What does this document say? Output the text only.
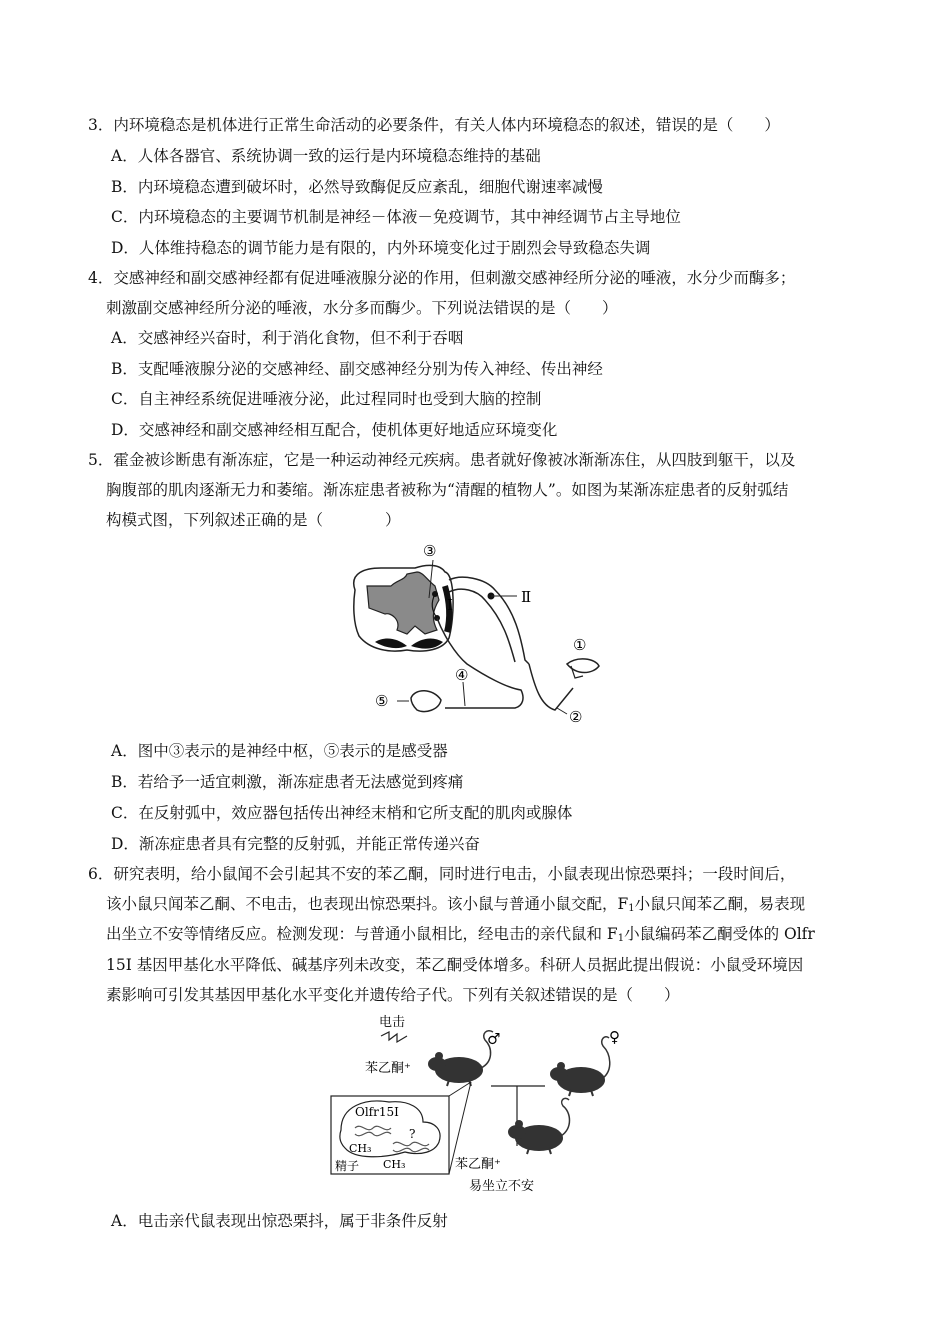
3．内环境稳态是机体进行正常生命活动的必要条件，有关人体内环境稳态的叙述，错误的是（　　）
A．人体各器官、系统协调一致的运行是内环境稳态维持的基础
B．内环境稳态遭到破坏时，必然导致酶促反应紊乱，细胞代谢速率减慢
C．内环境稳态的主要调节机制是神经－体液－免疫调节，其中神经调节占主导地位
D．人体维持稳态的调节能力是有限的，内外环境变化过于剧烈会导致稳态失调
4．交感神经和副交感神经都有促进唾液腺分泌的作用，但刺激交感神经所分泌的唾液，水分少而酶多；
刺激副交感神经所分泌的唾液，水分多而酶少。下列说法错误的是（　　）
A．交感神经兴奋时，利于消化食物，但不利于吞咽
B．支配唾液腺分泌的交感神经、副交感神经分别为传入神经、传出神经
C．自主神经系统促进唾液分泌，此过程同时也受到大脑的控制
D．交感神经和副交感神经相互配合，使机体更好地适应环境变化
5．霍金被诊断患有渐冻症，它是一种运动神经元疾病。患者就好像被冰渐渐冻住，从四肢到躯干，以及
胸腹部的肌肉逐渐无力和萎缩。渐冻症患者被称为“清醒的植物人”。如图为某渐冻症患者的反射弧结
构模式图，下列叙述正确的是（　　　　）
③
Ⅰ	Ⅱ
①
④
⑤
②
A．图中③表示的是神经中枢，⑤表示的是感受器
B．若给予一适宜刺激，渐冻症患者无法感觉到疼痛
C．在反射弧中，效应器包括传出神经末梢和它所支配的肌肉或腺体
D．渐冻症患者具有完整的反射弧，并能正常传递兴奋
6．研究表明，给小鼠闻不会引起其不安的苯乙酮，同时进行电击，小鼠表现出惊恐栗抖；一段时间后，
该小鼠只闻苯乙酮、不电击，也表现出惊恐栗抖。该小鼠与普通小鼠交配，$F_1$小鼠只闻苯乙酮，易表现
出坐立不安等情绪反应。检测发现：与普通小鼠相比，经电击的亲代鼠和 $F_1$小鼠编码苯乙酮受体的 Olfr
15I 基因甲基化水平降低、碱基序列未改变，苯乙酮受体增多。科研人员据此提出假说：小鼠受环境因
素影响可引发其基因甲基化水平变化并遗传给子代。下列有关叙述错误的是（　　）
电击
苯乙酮⁺
♂	♀
苯乙酮⁺
易坐立不安
Olfr15I
CH₃
CH₃
?
精子
A．电击亲代鼠表现出惊恐栗抖，属于非条件反射
